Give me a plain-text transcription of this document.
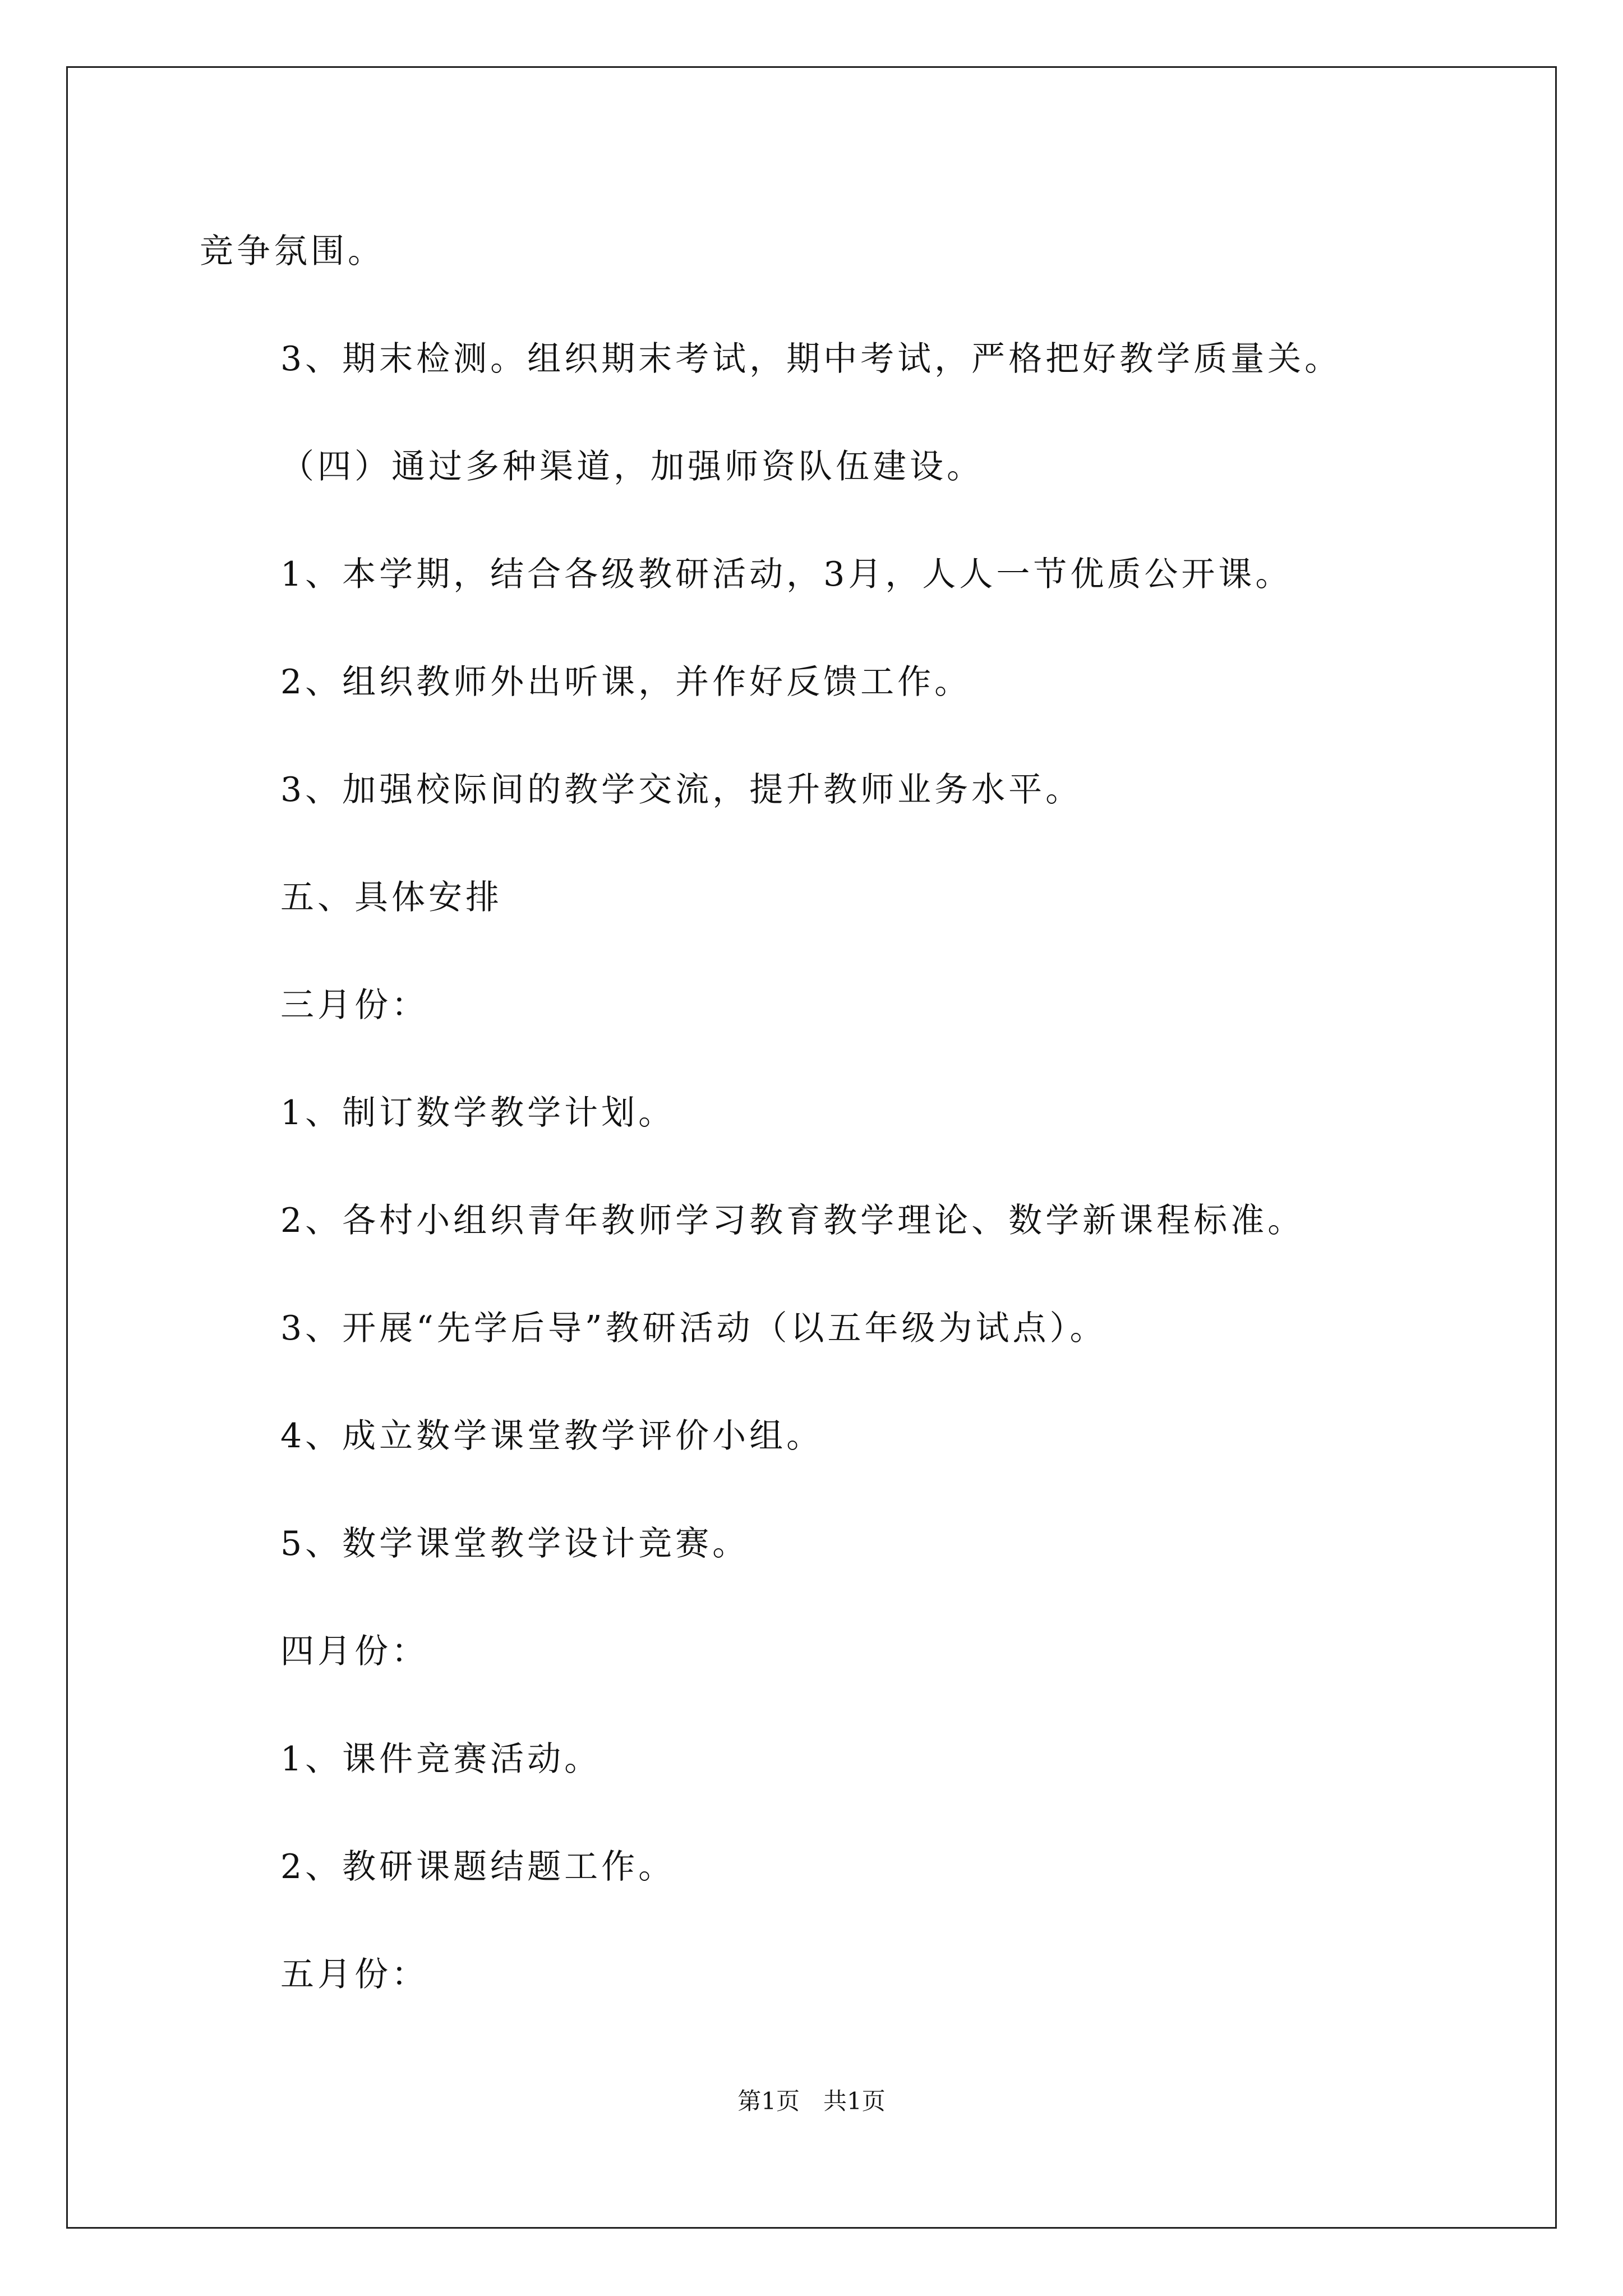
竞争氛围。
3、期末检测。组织期末考试，期中考试，严格把好教学质量关。
（四）通过多种渠道，加强师资队伍建设。
1、本学期，结合各级教研活动，3月，人人一节优质公开课。
2、组织教师外出听课，并作好反馈工作。
3、加强校际间的教学交流，提升教师业务水平。
五、具体安排
三月份：
1、制订数学教学计划。
2、各村小组织青年教师学习教育教学理论、数学新课程标准。
3、开展“先学后导”教研活动（以五年级为试点）。
4、成立数学课堂教学评价小组。
5、数学课堂教学设计竞赛。
四月份：
1、课件竞赛活动。
2、教研课题结题工作。
五月份：
第1页　共1页
